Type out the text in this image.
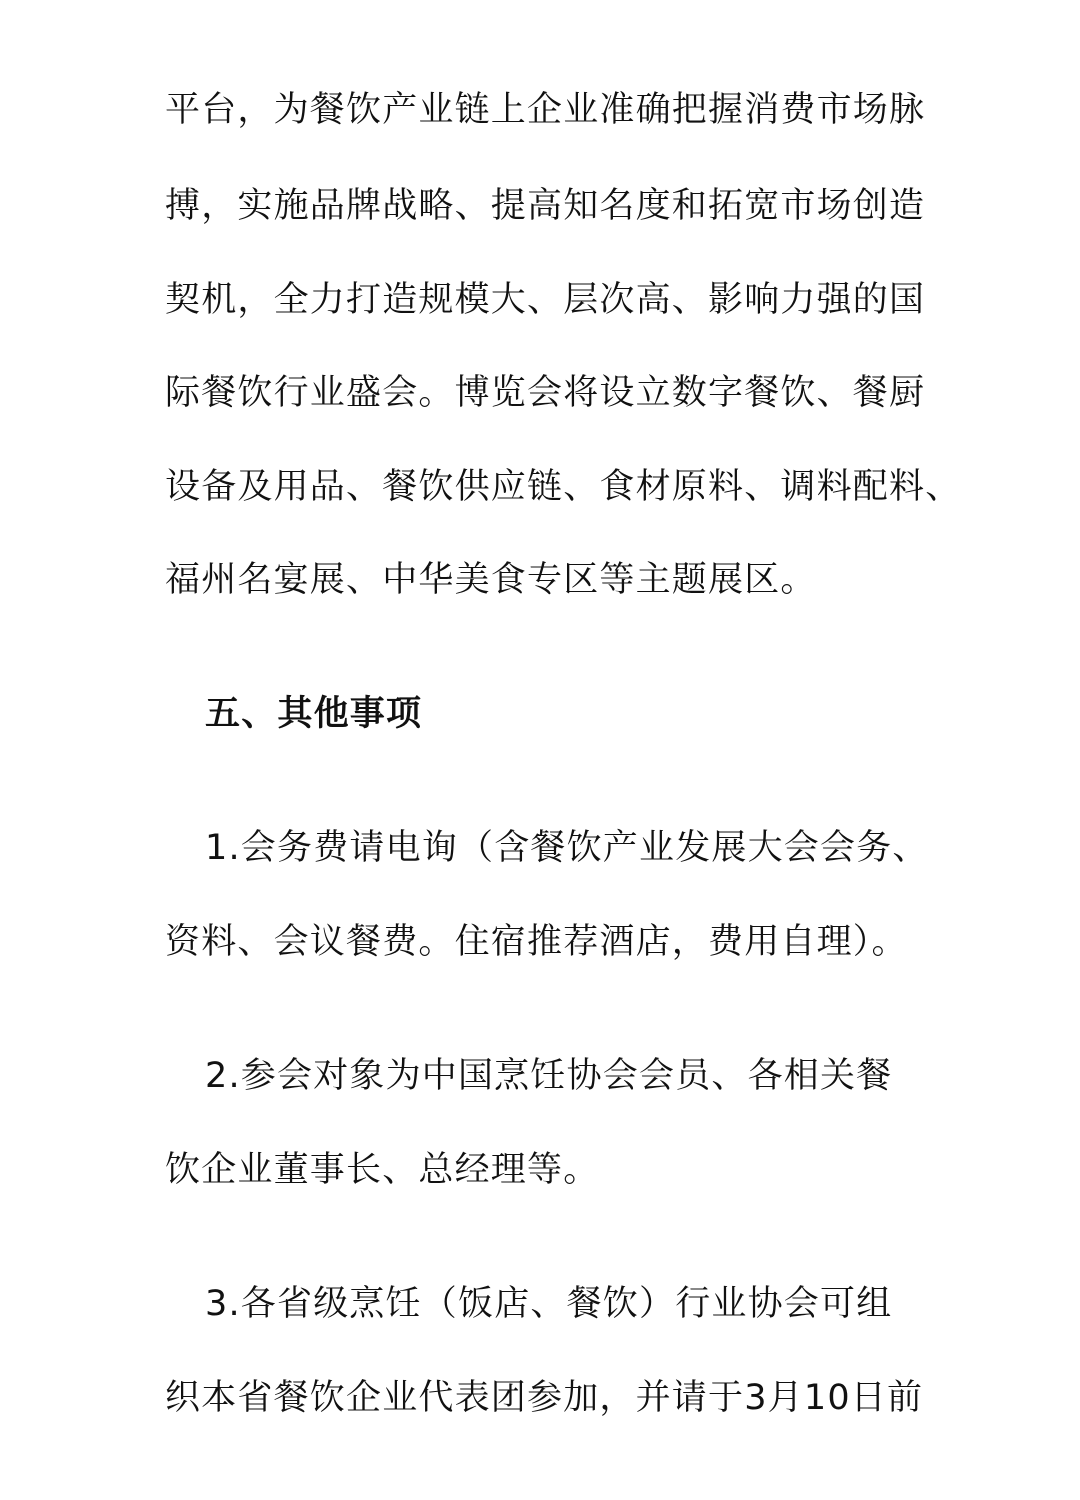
平台，为餐饮产业链上企业准确把握消费市场脉
搏，实施品牌战略、提高知名度和拓宽市场创造
契机，全力打造规模大、层次高、影响力强的国
际餐饮行业盛会。博览会将设立数字餐饮、餐厨
设备及用品、餐饮供应链、食材原料、调料配料、
福州名宴展、中华美食专区等主题展区。
五、其他事项
1.会务费请电询（含餐饮产业发展大会会务、
资料、会议餐费。住宿推荐酒店，费用自理）。
2.参会对象为中国烹饪协会会员、各相关餐
饮企业董事长、总经理等。
3.各省级烹饪（饭店、餐饮）行业协会可组
织本省餐饮企业代表团参加，并请于3月10日前
